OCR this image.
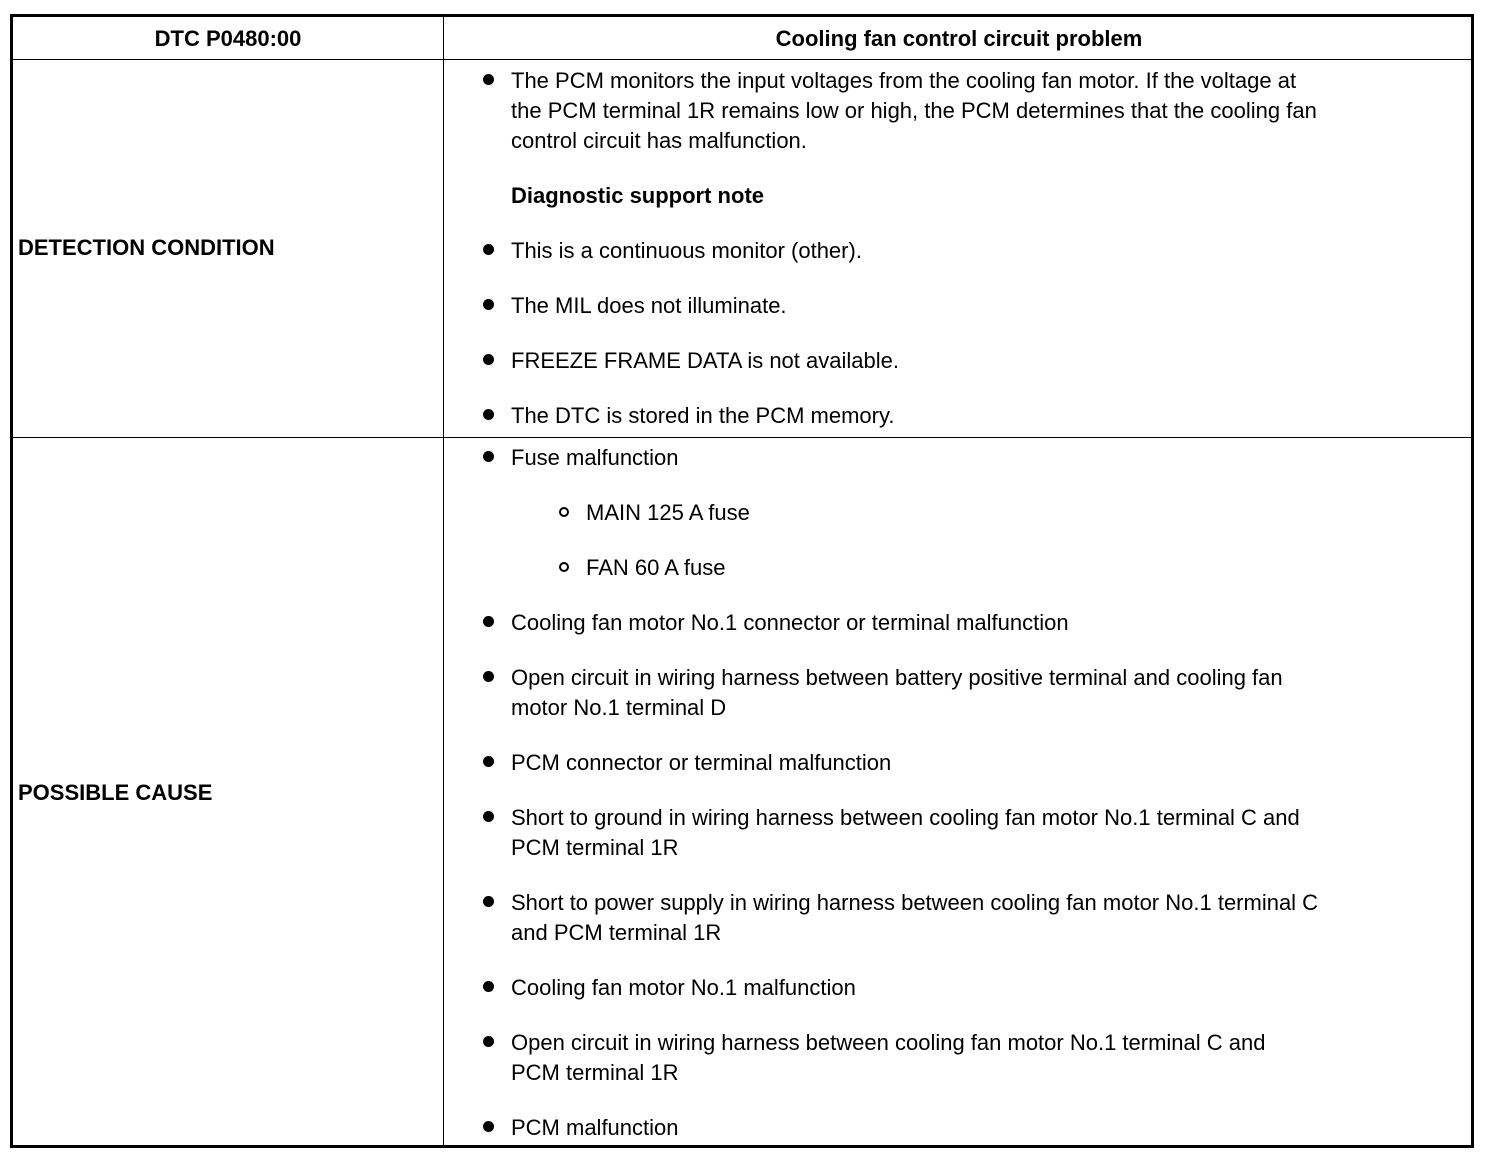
DTC P0480:00	Cooling fan control circuit problem
DETECTION CONDITION
POSSIBLE CAUSE
The PCM monitors the input voltages from the cooling fan motor. If the voltage at
the PCM terminal 1R remains low or high, the PCM determines that the cooling fan
control circuit has malfunction.
Diagnostic support note
This is a continuous monitor (other).
The MIL does not illuminate.
FREEZE FRAME DATA is not available.
The DTC is stored in the PCM memory.
Fuse malfunction
MAIN 125 A fuse
FAN 60 A fuse
Cooling fan motor No.1 connector or terminal malfunction
Open circuit in wiring harness between battery positive terminal and cooling fan
motor No.1 terminal D
PCM connector or terminal malfunction
Short to ground in wiring harness between cooling fan motor No.1 terminal C and
PCM terminal 1R
Short to power supply in wiring harness between cooling fan motor No.1 terminal C
and PCM terminal 1R
Cooling fan motor No.1 malfunction
Open circuit in wiring harness between cooling fan motor No.1 terminal C and
PCM terminal 1R
PCM malfunction
